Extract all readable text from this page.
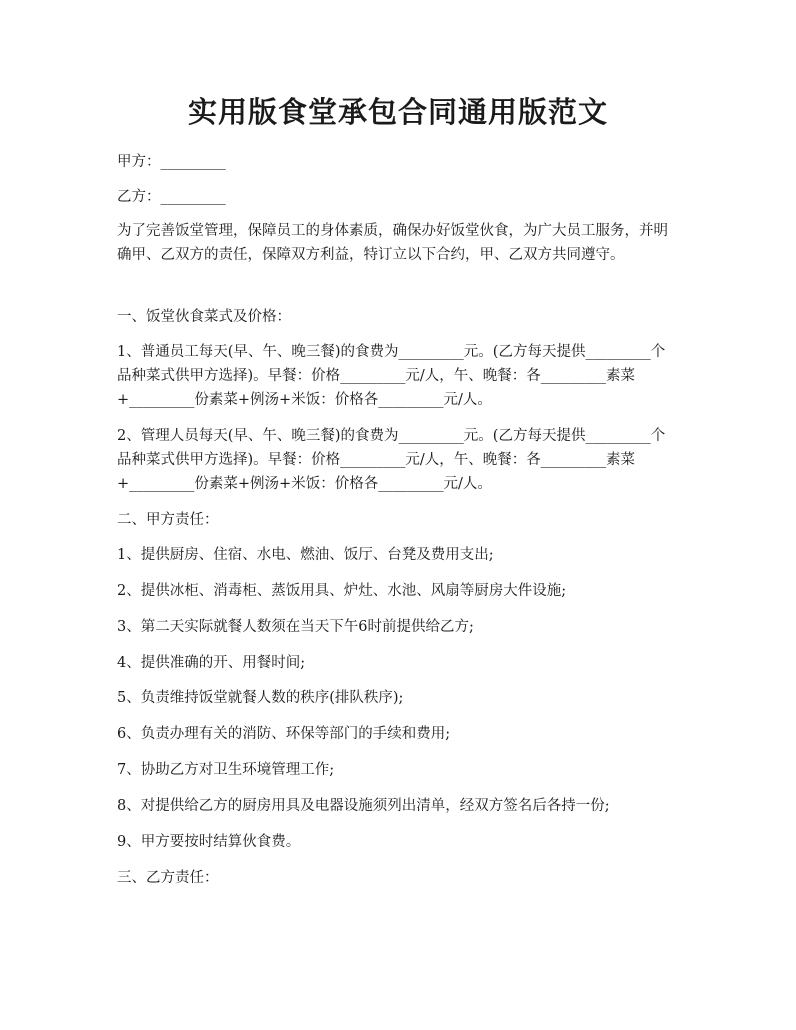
实用版食堂承包合同通用版范文

甲方：_________

乙方：_________

为了完善饭堂管理，保障员工的身体素质，确保办好饭堂伙食，为广大员工服务，并明确甲、乙双方的责任，保障双方利益，特订立以下合约，甲、乙双方共同遵守。

一、饭堂伙食菜式及价格：

1、普通员工每天(早、午、晚三餐)的食费为_________元。(乙方每天提供_________个品种菜式供甲方选择)。早餐：价格_________元/人，午、晚餐：各_________素菜+_________份素菜+例汤+米饭：价格各_________元/人。

2、管理人员每天(早、午、晚三餐)的食费为_________元。(乙方每天提供_________个品种菜式供甲方选择)。早餐：价格_________元/人，午、晚餐：各_________素菜+_________份素菜+例汤+米饭：价格各_________元/人。

二、甲方责任：

1、提供厨房、住宿、水电、燃油、饭厅、台凳及费用支出;

2、提供冰柜、消毒柜、蒸饭用具、炉灶、水池、风扇等厨房大件设施;

3、第二天实际就餐人数须在当天下午6时前提供给乙方;

4、提供准确的开、用餐时间;

5、负责维持饭堂就餐人数的秩序(排队秩序);

6、负责办理有关的消防、环保等部门的手续和费用;

7、协助乙方对卫生环境管理工作;

8、对提供给乙方的厨房用具及电器设施须列出清单，经双方签名后各持一份;

9、甲方要按时结算伙食费。

三、乙方责任：
